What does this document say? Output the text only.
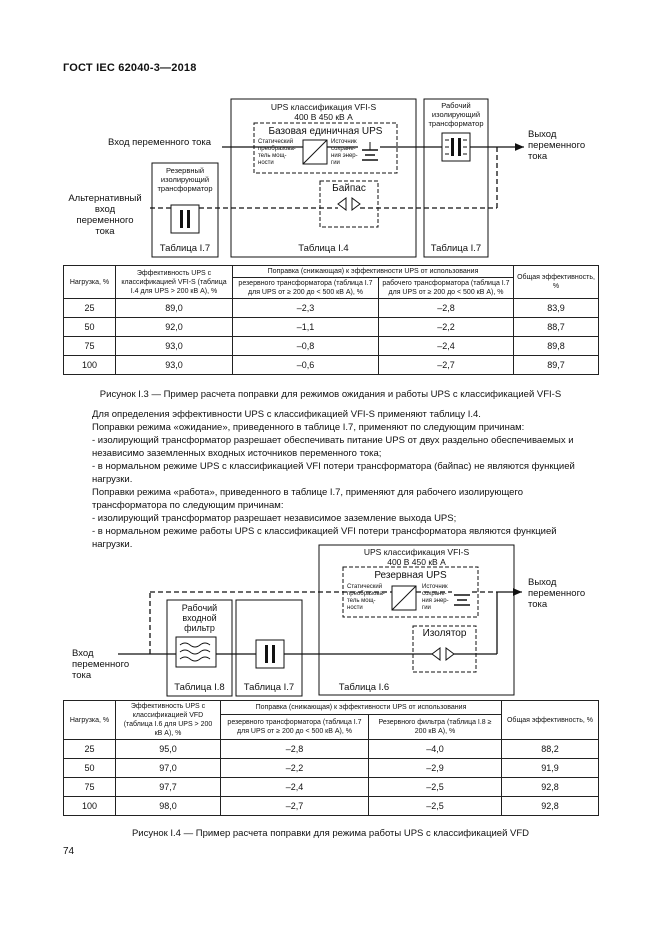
ГОСТ IEC 62040-3—2018
UPS классификация VFI-S
400 В 450 кВ А
Базовая единичная UPS
Статический
преобразова-
тель мощ-
ности
Источник
сохране-
ния энер-
гии
Байпас
Рабочий
изолирующий
трансформатор
Резервный
изолирующий
трансформатор
Вход переменного тока
Альтернативный
вход
переменного
тока
Выход
переменного
тока
Таблица I.7	Таблица I.4	Таблица I.7
Нагрузка, %	Эффективность UPS с классификацией VFI-S (таблица I.4 для UPS > 200 кВ А), %	Поправка (снижающая) к эффективности UPS от использования		Общая эффективность, %
		резервного трансформатора (таблица I.7 для UPS от ≥ 200 до < 500 кВ А), %	рабочего трансформатора (таблица I.7 для UPS от ≥ 200 до < 500 кВ А), %	
25	89,0	–2,3	–2,8	83,9
50	92,0	–1,1	–2,2	88,7
75	93,0	–0,8	–2,4	89,8
100	93,0	–0,6	–2,7	89,7
Рисунок I.3 — Пример расчета поправки для режимов ожидания и работы UPS с классификацией VFI-S

Для определения эффективности UPS с классификацией VFI-S применяют таблицу I.4.

Поправки режима «ожидание», приведенного в таблице I.7, применяют по следующим причинам:

- изолирующий трансформатор разрешает обеспечивать питание UPS от двух раздельно обеспечиваемых и независимо заземленных входных источников переменного тока;

- в нормальном режиме UPS с классификацией VFI потери трансформатора (байпас) не являются функцией нагрузки.

Поправки режима «работа», приведенного в таблице I.7, применяют для рабочего изолирующего трансформатора по следующим причинам:

- изолирующий трансформатор разрешает независимое заземление выхода UPS;

- в нормальном режиме работы UPS с классификацией VFI потери трансформатора являются функцией нагрузки.

UPS классификация VFI-S
400 В 450 кВ А
Резервная UPS
Статический
преобразова-
тель мощ-
ности
Источник
сохране-
ния энер-
гии
Изолятор
Рабочий
входной
фильтр
Вход
переменного
тока
Выход
переменного
тока
Таблица I.8	Таблица I.7	Таблица I.6
Нагрузка, %	Эффективность UPS с классификацией VFD (таблица I.6 для UPS > 200 кВ А), %	Поправка (снижающая) к эффективности UPS от использования		Общая эффективность, %
		резервного трансформатора (таблица I.7 для UPS от ≥ 200 до < 500 кВ А), %	Резервного фильтра (таблица I.8 ≥ 200 кВ А), %	
25	95,0	–2,8	–4,0	88,2
50	97,0	–2,2	–2,9	91,9
75	97,7	–2,4	–2,5	92,8
100	98,0	–2,7	–2,5	92,8
Рисунок I.4 — Пример расчета поправки для режима работы UPS с классификацией VFD
74
